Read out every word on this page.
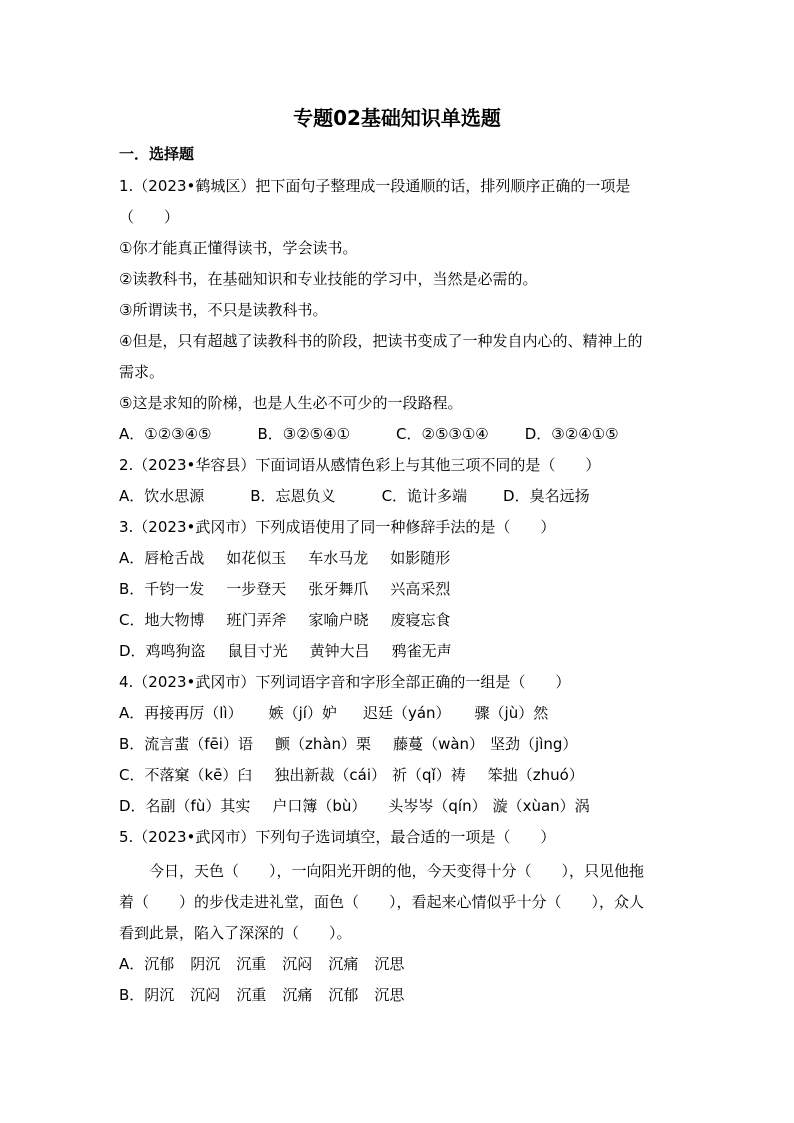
专题02基础知识单选题
一．选择题
1.（2023•鹤城区）把下面句子整理成一段通顺的话，排列顺序正确的一项是
（　　）
①你才能真正懂得读书，学会读书。
②读教科书，在基础知识和专业技能的学习中，当然是必需的。
③所谓读书，不只是读教科书。
④但是，只有超越了读教科书的阶段，把读书变成了一种发自内心的、精神上的
需求。
⑤这是求知的阶梯，也是人生必不可少的一段路程。
A．①②③④⑤	B．③②⑤④①	C．②⑤③①④ D．③②④①⑤
2.（2023•华容县）下面词语从感情色彩上与其他三项不同的是（　　）
A．饮水思源	B．忘恩负义	C．诡计多端 D．臭名远扬
3.（2023•武冈市）下列成语使用了同一种修辞手法的是（　　）
A．唇枪舌战 如花似玉 车水马龙 如影随形
B．千钧一发 一步登天 张牙舞爪 兴高采烈
C．地大物博 班门弄斧 家喻户晓 废寝忘食
D．鸡鸣狗盗 鼠目寸光 黄钟大吕 鸦雀无声
4.（2023•武冈市）下列词语字音和字形全部正确的一组是（　　）
A．再接再厉（lì） 嫉（jí）妒 迟廷（yán） 骤（jù）然
B．流言蜚（fēi）语 颤（zhàn）栗 藤蔓（wàn） 坚劲（jìng）
C．不落窠（kē）臼 独出新裁（cái） 祈（qǐ）祷 笨拙（zhuó）
D．名副（fù）其实 户口簿（bù） 头岑岑（qín） 漩（xùan）涡
5.（2023•武冈市）下列句子选词填空，最合适的一项是（　　）
今日，天色（　　），一向阳光开朗的他，今天变得十分（　　），只见他拖
着（　　）的步伐走进礼堂，面色（　　），看起来心情似乎十分（　　），众人
看到此景，陷入了深深的（　　）。
A．沉郁 阴沉 沉重 沉闷 沉痛 沉思
B．阴沉 沉闷 沉重 沉痛 沉郁 沉思
